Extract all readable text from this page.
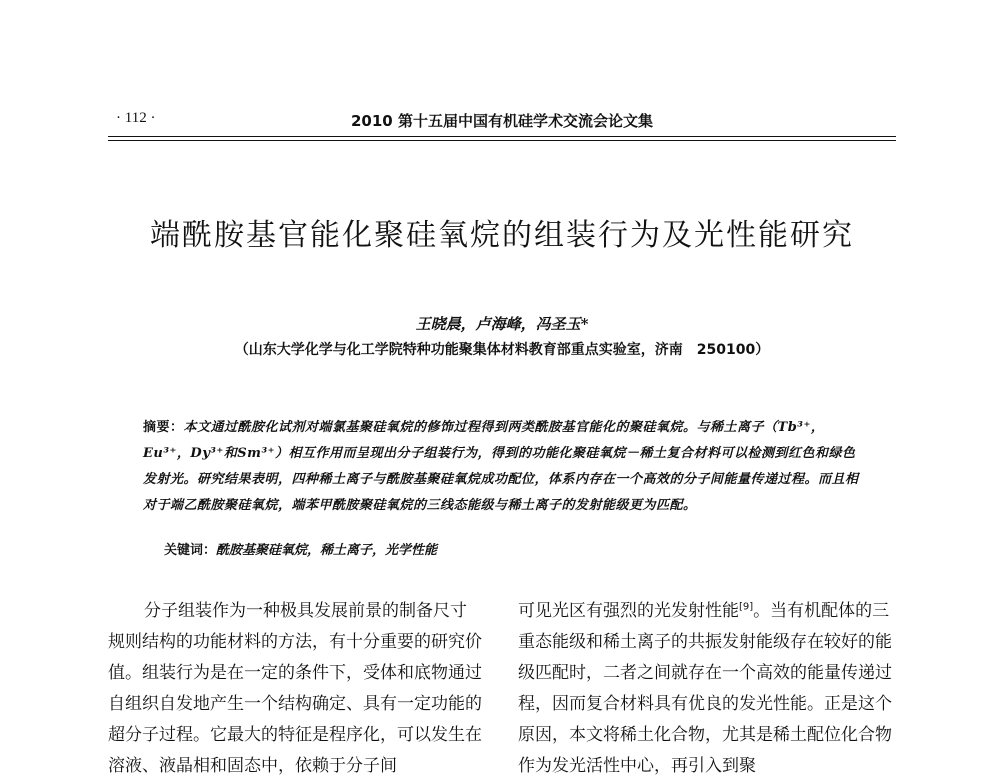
· 112 ·	2010 第十五届中国有机硅学术交流会论文集
端酰胺基官能化聚硅氧烷的组装行为及光性能研究
王晓晨，卢海峰，冯圣玉*
（山东大学化学与化工学院特种功能聚集体材料教育部重点实验室，济南　250100）
摘要：本文通过酰胺化试剂对端氯基聚硅氧烷的修饰过程得到两类酰胺基官能化的聚硅氧烷。与稀土离子（Tb³⁺，Eu³⁺，Dy³⁺和Sm³⁺）相互作用而呈现出分子组装行为，得到的功能化聚硅氧烷－稀土复合材料可以检测到红色和绿色发射光。研究结果表明，四种稀土离子与酰胺基聚硅氧烷成功配位，体系内存在一个高效的分子间能量传递过程。而且相对于端乙酰胺聚硅氧烷，端苯甲酰胺聚硅氧烷的三线态能级与稀土离子的发射能级更为匹配。
关键词：酰胺基聚硅氧烷，稀土离子，光学性能
分子组装作为一种极具发展前景的制备尺寸规则结构的功能材料的方法，有十分重要的研究价值。组装行为是在一定的条件下，受体和底物通过自组织自发地产生一个结构确定、具有一定功能的超分子过程。它最大的特征是程序化，可以发生在溶液、液晶相和固态中，依赖于分子间
可见光区有强烈的光发射性能[9]。当有机配体的三重态能级和稀土离子的共振发射能级存在较好的能级匹配时，二者之间就存在一个高效的能量传递过程，因而复合材料具有优良的发光性能。正是这个原因，本文将稀土化合物，尤其是稀土配位化合物作为发光活性中心，再引入到聚
